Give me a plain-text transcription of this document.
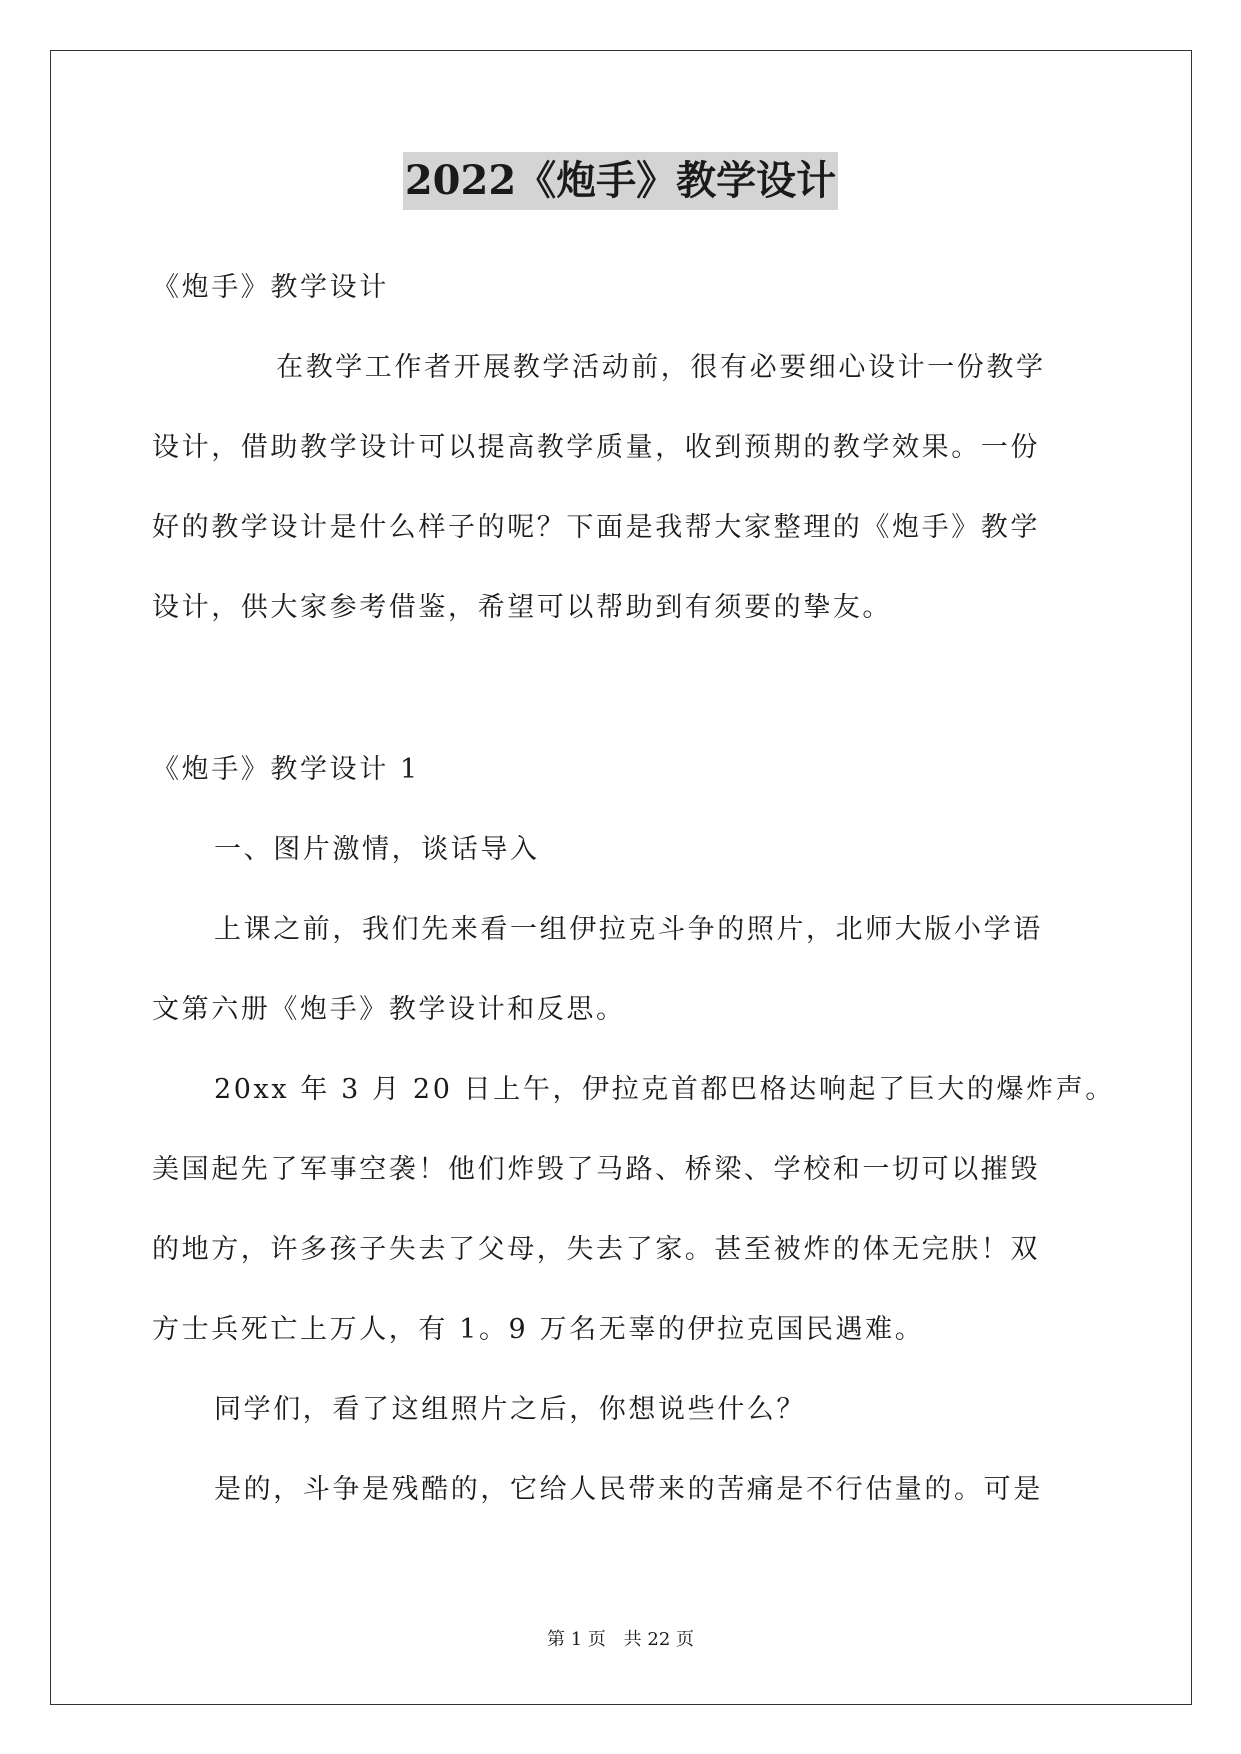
2022《炮手》教学设计
《炮手》教学设计
在教学工作者开展教学活动前，很有必要细心设计一份教学
设计，借助教学设计可以提高教学质量，收到预期的教学效果。一份
好的教学设计是什么样子的呢？下面是我帮大家整理的《炮手》教学
设计，供大家参考借鉴，希望可以帮助到有须要的挚友。
《炮手》教学设计 1
一、图片激情，谈话导入
上课之前，我们先来看一组伊拉克斗争的照片，北师大版小学语
文第六册《炮手》教学设计和反思。
20xx 年 3 月 20 日上午，伊拉克首都巴格达响起了巨大的爆炸声。
美国起先了军事空袭！他们炸毁了马路、桥梁、学校和一切可以摧毁
的地方，许多孩子失去了父母，失去了家。甚至被炸的体无完肤！双
方士兵死亡上万人，有 1。9 万名无辜的伊拉克国民遇难。
同学们，看了这组照片之后，你想说些什么？
是的，斗争是残酷的，它给人民带来的苦痛是不行估量的。可是
第 1 页 共 22 页
